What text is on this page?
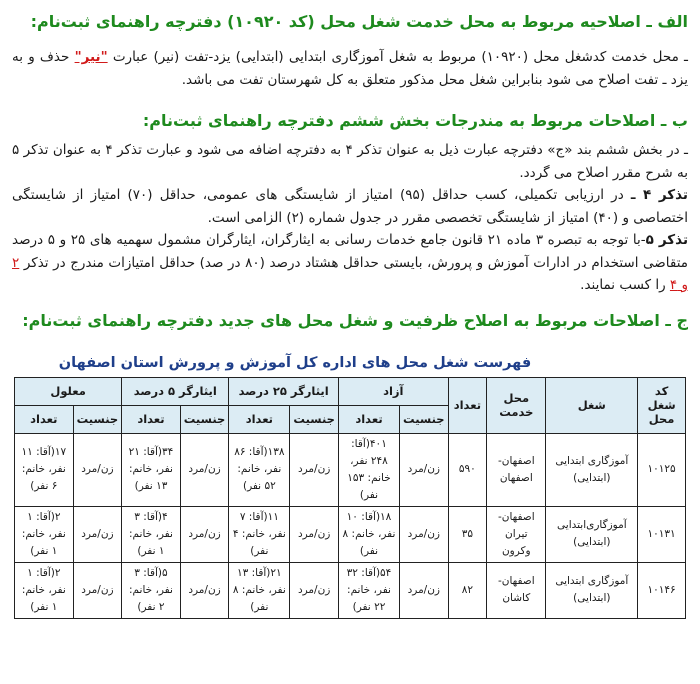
الف ـ اصلاحیه مربوط به محل خدمت شغل محل (کد ۱۰۹۲۰) دفترچه راهنمای ثبت‌نام:

ـ محل خدمت کدشغل محل (۱۰۹۲۰) مربوط به شغل آموزگاری ابتدایی (ابتدایی) یزد-تفت (نیر) عبارت "نیر" حذف و به یزد ـ تفت اصلاح می شود بنابراین شغل محل مذکور متعلق به کل شهرستان تفت می باشد.

ب ـ اصلاحات مربوط به مندرجات بخش ششم دفترچه راهنمای ثبت‌نام:

ـ در بخش ششم بند «ج» دفترچه عبارت ذیل به عنوان تذکر ۴ به دفترچه اضافه می شود و عبارت تذکر ۴ به عنوان تذکر ۵ به شرح مقرر اصلاح می گردد.

تذکر ۴ ـ در ارزیابی تکمیلی، کسب حداقل (۹۵) امتیاز از شایستگی های عمومی، حداقل (۷۰) امتیاز از شایستگی اختصاصی و (۴۰) امتیاز از شایستگی تخصصی مقرر در جدول شماره (۲) الزامی است.

تذکر ۵-با توجه به تبصره ۳ ماده ۲۱ قانون جامع خدمات رسانی به ایثارگران، ایثارگران مشمول سهمیه های ۲۵ و ۵ درصد متقاضی استخدام در ادارات آموزش و پرورش، بایستی حداقل هشتاد درصد (۸۰ در صد) حداقل امتیازات مندرج در تذکر ۲ و ۴ را کسب نمایند.

ج ـ اصلاحات مربوط به اصلاح ظرفیت و شغل محل های جدید دفترچه راهنمای ثبت‌نام:
فهرست شغل محل های اداره کل آموزش و پرورش استان اصفهان
کد شغل محل	شغل	محل خدمت	تعداد	آزاد		ایثارگر ۲۵ درصد		ایثارگر ۵ درصد		معلول	
				جنسیت	تعداد	جنسیت	تعداد	جنسیت	تعداد	جنسیت	تعداد
۱۰۱۲۵	آموزگاری ابتدایی (ابتدایی)	اصفهان- اصفهان	۵۹۰	زن/مرد	۴۰۱(آقا: ۲۴۸ نفر، خانم: ۱۵۳ نفر)	زن/مرد	۱۳۸(آقا: ۸۶ نفر، خانم: ۵۲ نفر)	زن/مرد	۳۴(آقا: ۲۱ نفر، خانم: ۱۳ نفر)	زن/مرد	۱۷(آقا: ۱۱ نفر، خانم: ۶ نفر)
۱۰۱۳۱	آموزگاری‌ابتدایی (ابتدایی)	اصفهان- تیران وکرون	۳۵	زن/مرد	۱۸(آقا: ۱۰ نفر، خانم: ۸ نفر)	زن/مرد	۱۱(آقا: ۷ نفر، خانم: ۴ نفر)	زن/مرد	۴(آقا: ۳ نفر، خانم: ۱ نفر)	زن/مرد	۲(آقا: ۱ نفر، خانم: ۱ نفر)
۱۰۱۴۶	آموزگاری ابتدایی (ابتدایی)	اصفهان- کاشان	۸۲	زن/مرد	۵۴(آقا: ۳۲ نفر، خانم: ۲۲ نفر)	زن/مرد	۲۱(آقا: ۱۳ نفر، خانم: ۸ نفر)	زن/مرد	۵(آقا: ۳ نفر، خانم: ۲ نفر)	زن/مرد	۲(آقا: ۱ نفر، خانم: ۱ نفر)
